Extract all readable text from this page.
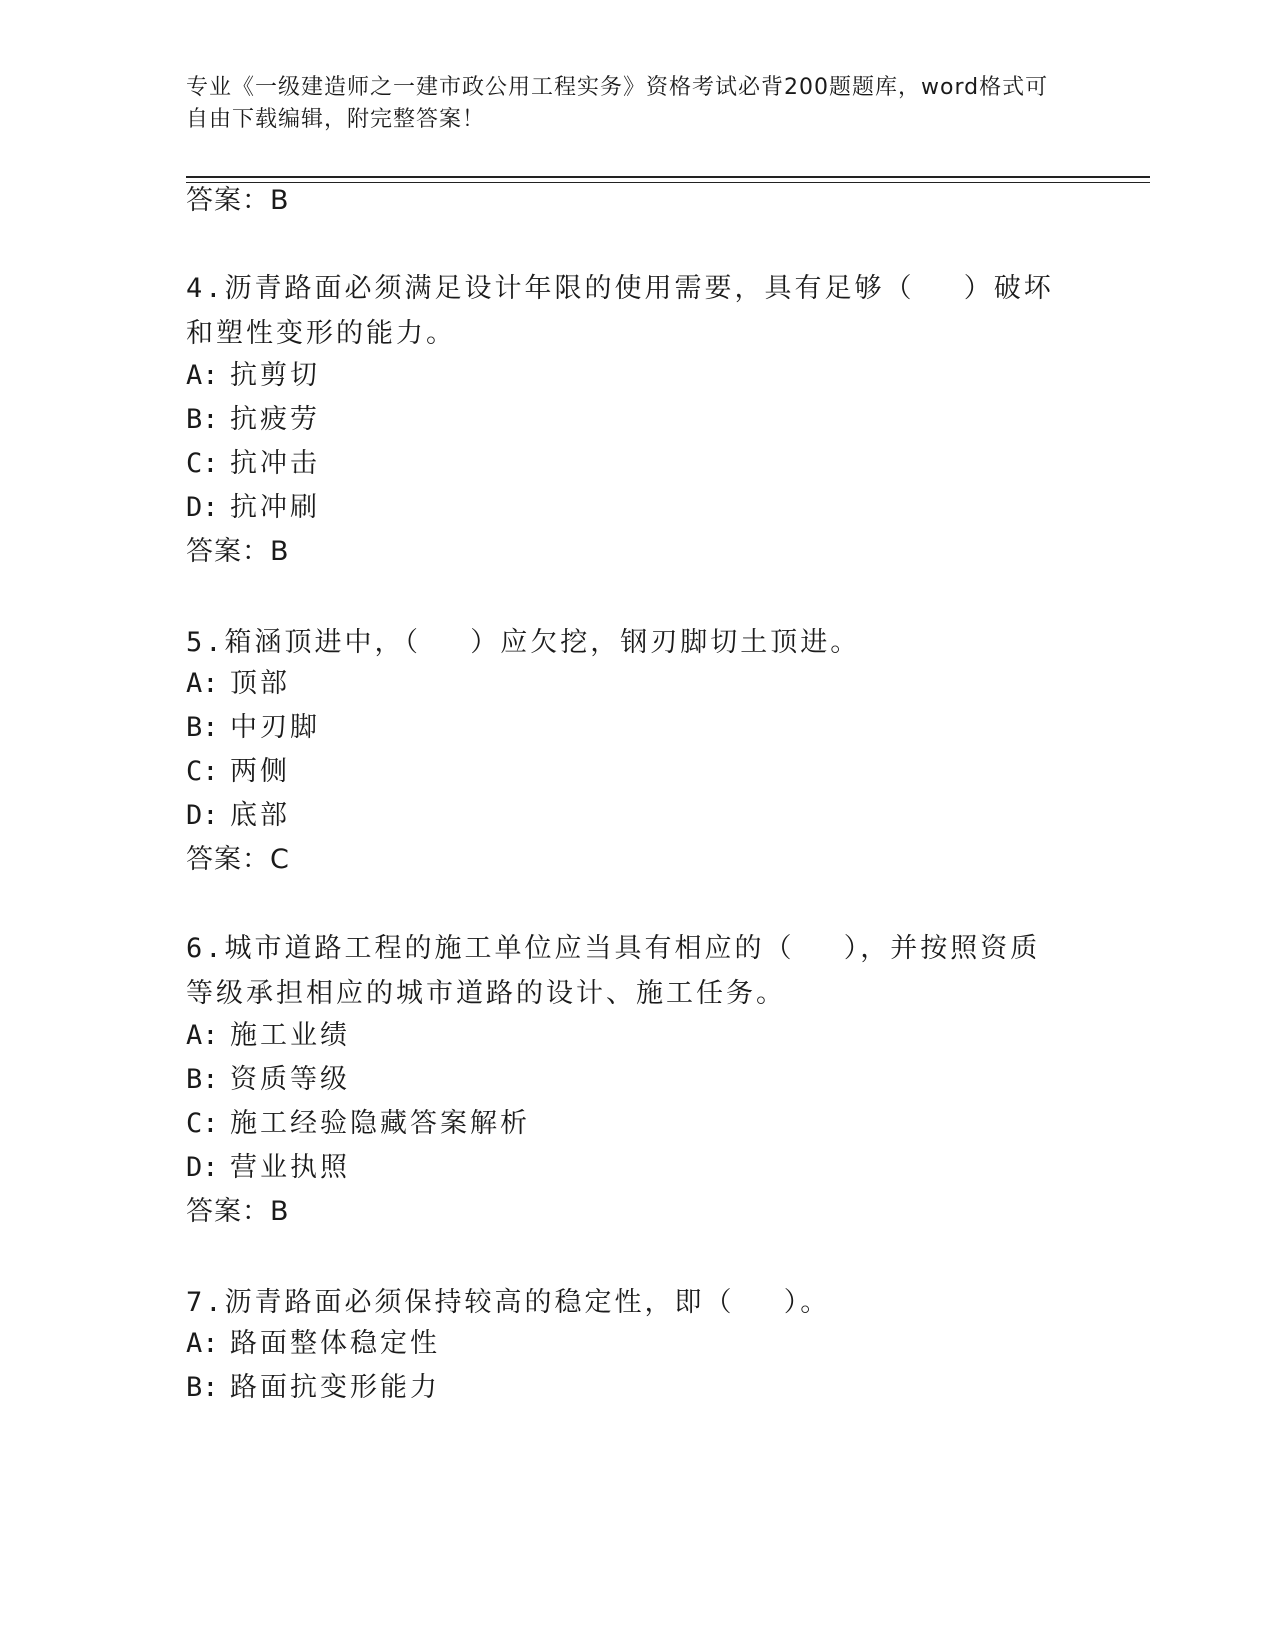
专业《一级建造师之一建市政公用工程实务》资格考试必背200题题库，word格式可自由下载编辑，附完整答案！
答案：B
4.沥青路面必须满足设计年限的使用需要，具有足够（　 ）破坏和塑性变形的能力。
A: 抗剪切
B: 抗疲劳
C: 抗冲击
D: 抗冲刷
答案：B
5.箱涵顶进中，（　 ）应欠挖，钢刃脚切土顶进。
A: 顶部
B: 中刃脚
C: 两侧
D: 底部
答案：C
6.城市道路工程的施工单位应当具有相应的（　 ），并按照资质等级承担相应的城市道路的设计、施工任务。
A: 施工业绩
B: 资质等级
C: 施工经验隐藏答案解析
D: 营业执照
答案：B
7.沥青路面必须保持较高的稳定性，即（　 ）。
A: 路面整体稳定性
B: 路面抗变形能力
